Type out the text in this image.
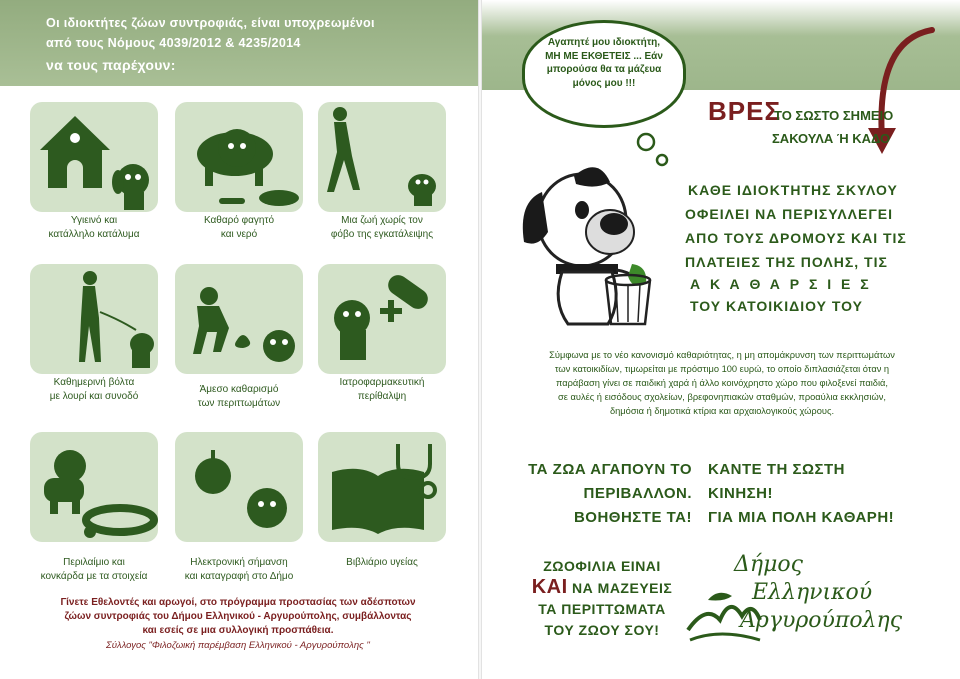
Οι ιδιοκτήτες ζώων συντροφιάς, είναι υποχρεωμένοι
από τους Νόμους 4039/2012 & 4235/2014
να τους παρέχουν:
Υγιεινό και
κατάλληλο κατάλυμα
Καθαρό φαγητό
και νερό
Μια ζωή χωρίς τον
φόβο της εγκατάλειψης
Καθημερινή βόλτα
με λουρί και συνοδό
Άμεσο καθαρισμό
των περιττωμάτων
Ιατροφαρμακευτική
περίθαλψη
Περιλαίμιο και
κονκάρδα με τα στοιχεία
Ηλεκτρονική σήμανση
και καταγραφή στο Δήμο
Βιβλιάριο υγείας
Γίνετε Εθελοντές και αρωγοί, στο πρόγραμμα προστασίας των αδέσποτων
ζώων συντροφιάς του Δήμου Ελληνικού - Αργυρούπολης, συμβάλλοντας
και εσείς σε μια συλλογική προσπάθεια.
Σύλλογος "Φιλοζωική παρέμβαση Ελληνικού - Αργυρούπολης ''
Αγαπητέ μου ιδιοκτήτη,
ΜΗ ΜΕ ΕΚΘΕΤΕΙΣ ... Εάν
μπορούσα θα τα μάζευα
μόνος μου !!!
ΒΡΕΣ
ΤΟ ΣΩΣΤΟ ΣΗΜΕΙΟ
ΣΑΚΟΥΛΑ Ή ΚΑΔΟ
ΚΑΘΕ ΙΔΙΟΚΤΗΤΗΣ ΣΚΥΛΟΥ
ΟΦΕΙΛΕΙ ΝΑ ΠΕΡΙΣΥΛΛΕΓΕΙ
ΑΠΟ ΤΟΥΣ ΔΡΟΜΟΥΣ ΚΑΙ ΤΙΣ
ΠΛΑΤΕΙΕΣ ΤΗΣ ΠΟΛΗΣ, ΤΙΣ
Α Κ Α Θ Α Ρ Σ Ι Ε Σ
ΤΟΥ ΚΑΤΟΙΚΙΔΙΟΥ ΤΟΥ
Σύμφωνα με το νέο κανονισμό καθαριότητας, η μη απομάκρυνση των περιττωμάτων
των κατοικιδίων, τιμωρείται με πρόστιμο 100 ευρώ, το οποίο διπλασιάζεται όταν η
παράβαση γίνει σε παιδική χαρά ή άλλο κοινόχρηστο χώρο που φιλοξενεί παιδιά,
σε αυλές ή εισόδους σχολείων, βρεφονηπιακών σταθμών, προαύλια εκκλησιών,
δημόσια ή δημοτικά κτίρια και αρχαιολογικούς χώρους.
ΤΑ ΖΩΑ ΑΓΑΠΟΥΝ ΤΟ
ΠΕΡΙΒΑΛΛΟΝ.
ΒΟΗΘΗΣΤΕ ΤΑ!
ΚΑΝΤΕ ΤΗ ΣΩΣΤΗ
ΚΙΝΗΣΗ!
ΓΙΑ ΜΙΑ ΠΟΛΗ ΚΑΘΑΡΗ!
ΖΩΟΦΙΛΙΑ ΕΙΝΑΙ
ΚΑΙ ΝΑ ΜΑΖΕΥΕΙΣ
ΤΑ ΠΕΡΙΤΤΩΜΑΤΑ
ΤΟΥ ΖΩΟΥ ΣΟΥ!
Δήμος
Ελληνικού
Αργυρούπολης
